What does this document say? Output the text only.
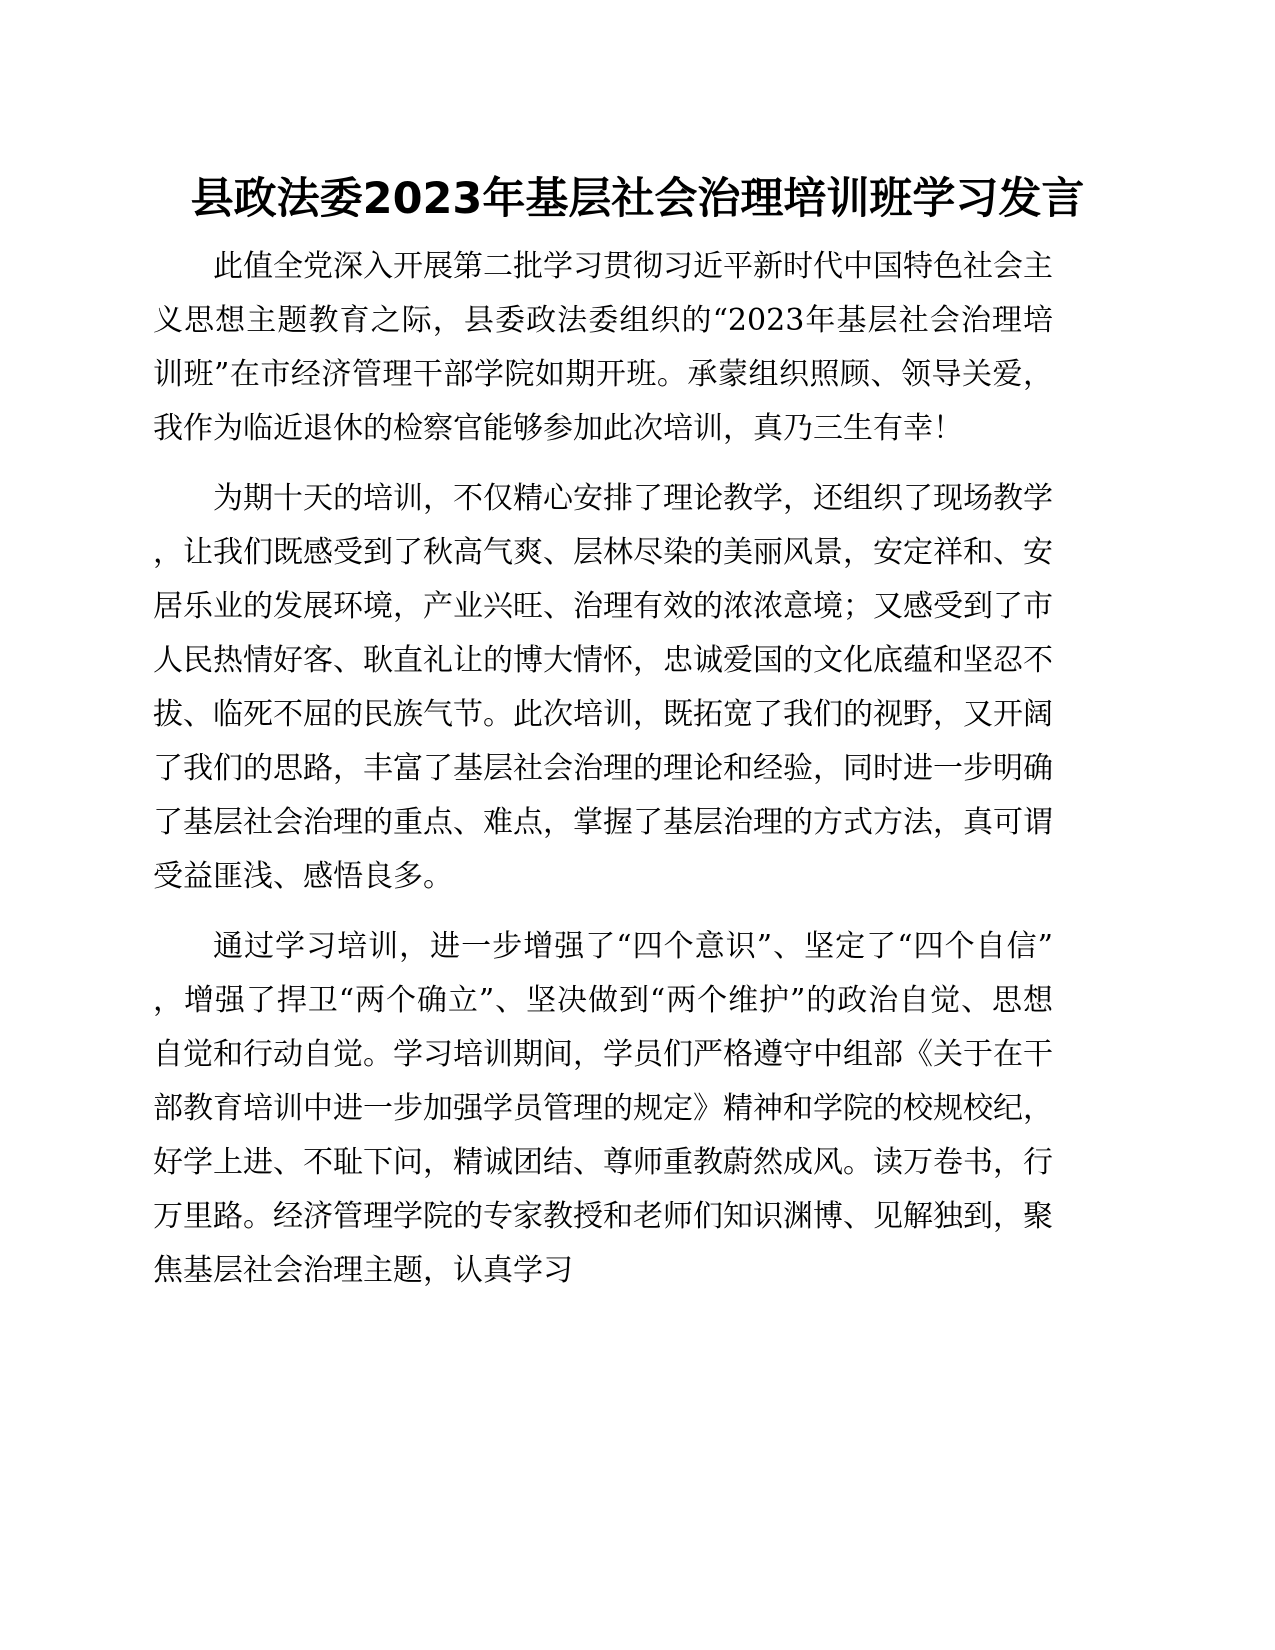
县政法委2023年基层社会治理培训班学习发言

此值全党深入开展第二批学习贯彻习近平新时代中国特色社会主义思想主题教育之际，县委政法委组织的“2023年基层社会治理培训班”在市经济管理干部学院如期开班。承蒙组织照顾、领导关爱，我作为临近退休的检察官能够参加此次培训，真乃三生有幸！

为期十天的培训，不仅精心安排了理论教学，还组织了现场教学，让我们既感受到了秋高气爽、层林尽染的美丽风景，安定祥和、安居乐业的发展环境，产业兴旺、治理有效的浓浓意境；又感受到了市人民热情好客、耿直礼让的博大情怀，忠诚爱国的文化底蕴和坚忍不拔、临死不屈的民族气节。此次培训，既拓宽了我们的视野，又开阔了我们的思路，丰富了基层社会治理的理论和经验，同时进一步明确了基层社会治理的重点、难点，掌握了基层治理的方式方法，真可谓受益匪浅、感悟良多。

通过学习培训，进一步增强了“四个意识”、坚定了“四个自信”，增强了捍卫“两个确立”、坚决做到“两个维护”的政治自觉、思想自觉和行动自觉。学习培训期间，学员们严格遵守中组部《关于在干部教育培训中进一步加强学员管理的规定》精神和学院的校规校纪，好学上进、不耻下问，精诚团结、尊师重教蔚然成风。读万卷书，行万里路。经济管理学院的专家教授和老师们知识渊博、见解独到，聚焦基层社会治理主题，认真学习
